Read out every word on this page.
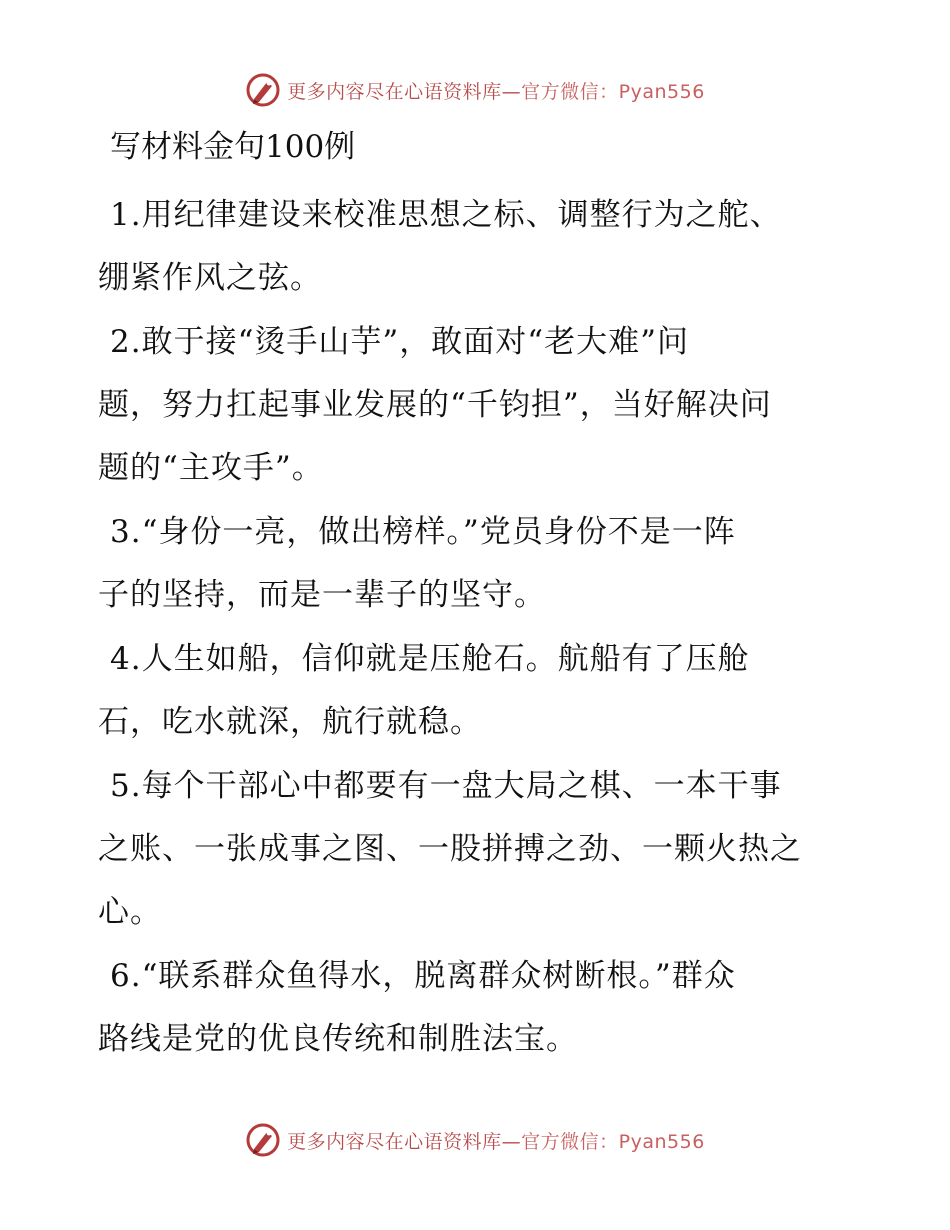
更多内容尽在心语资料库—官方微信：Pyan556
写材料金句100例
1.用纪律建设来校准思想之标、调整行为之舵、
绷紧作风之弦。
2.敢于接“烫手山芋”，敢面对“老大难”问
题，努力扛起事业发展的“千钧担”，当好解决问
题的“主攻手”。
3.“身份一亮，做出榜样。”党员身份不是一阵
子的坚持，而是一辈子的坚守。
4.人生如船，信仰就是压舱石。航船有了压舱
石，吃水就深，航行就稳。
5.每个干部心中都要有一盘大局之棋、一本干事
之账、一张成事之图、一股拼搏之劲、一颗火热之
心。
6.“联系群众鱼得水，脱离群众树断根。”群众
路线是党的优良传统和制胜法宝。
更多内容尽在心语资料库—官方微信：Pyan556
